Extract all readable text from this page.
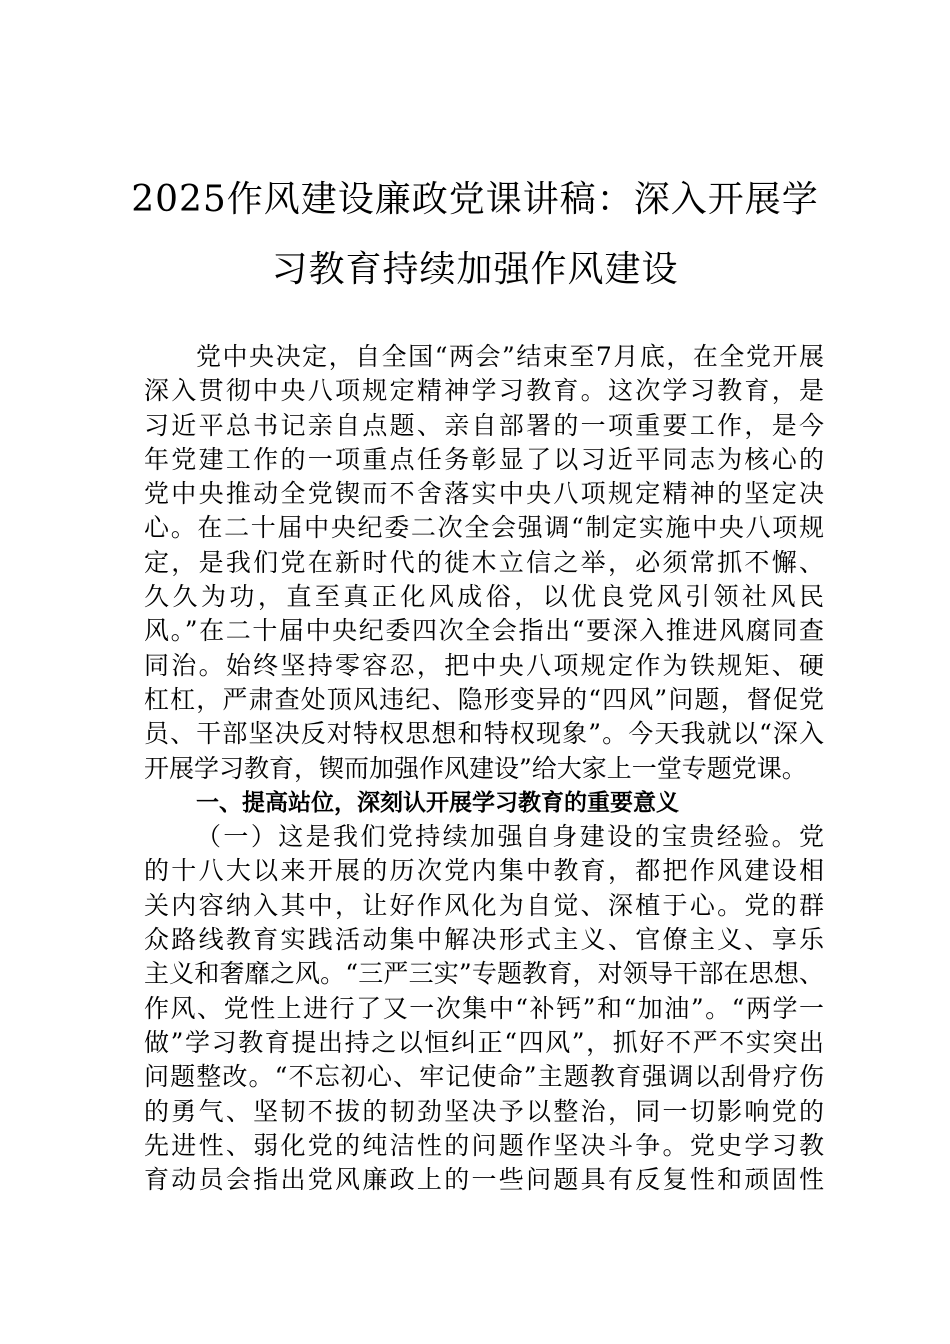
2025作风建设廉政党课讲稿：深入开展学
习教育持续加强作风建设
党中央决定，自全国“两会”结束至7月底，在全党开展
深入贯彻中央八项规定精神学习教育。这次学习教育，是
习近平总书记亲自点题、亲自部署的一项重要工作，是今
年党建工作的一项重点任务彰显了以习近平同志为核心的
党中央推动全党锲而不舍落实中央八项规定精神的坚定决
心。在二十届中央纪委二次全会强调“制定实施中央八项规
定，是我们党在新时代的徙木立信之举，必须常抓不懈、
久久为功，直至真正化风成俗，以优良党风引领社风民
风。”在二十届中央纪委四次全会指出“要深入推进风腐同查
同治。始终坚持零容忍，把中央八项规定作为铁规矩、硬
杠杠，严肃查处顶风违纪、隐形变异的“四风”问题，督促党
员、干部坚决反对特权思想和特权现象”。今天我就以“深入
开展学习教育，锲而加强作风建设”给大家上一堂专题党课。
一、提高站位，深刻认开展学习教育的重要意义
（一）这是我们党持续加强自身建设的宝贵经验。党
的十八大以来开展的历次党内集中教育，都把作风建设相
关内容纳入其中，让好作风化为自觉、深植于心。党的群
众路线教育实践活动集中解决形式主义、官僚主义、享乐
主义和奢靡之风。“三严三实”专题教育，对领导干部在思想、
作风、党性上进行了又一次集中“补钙”和“加油”。“两学一
做”学习教育提出持之以恒纠正“四风”，抓好不严不实突出
问题整改。“不忘初心、牢记使命”主题教育强调以刮骨疗伤
的勇气、坚韧不拔的韧劲坚决予以整治，同一切影响党的
先进性、弱化党的纯洁性的问题作坚决斗争。党史学习教
育动员会指出党风廉政上的一些问题具有反复性和顽固性
